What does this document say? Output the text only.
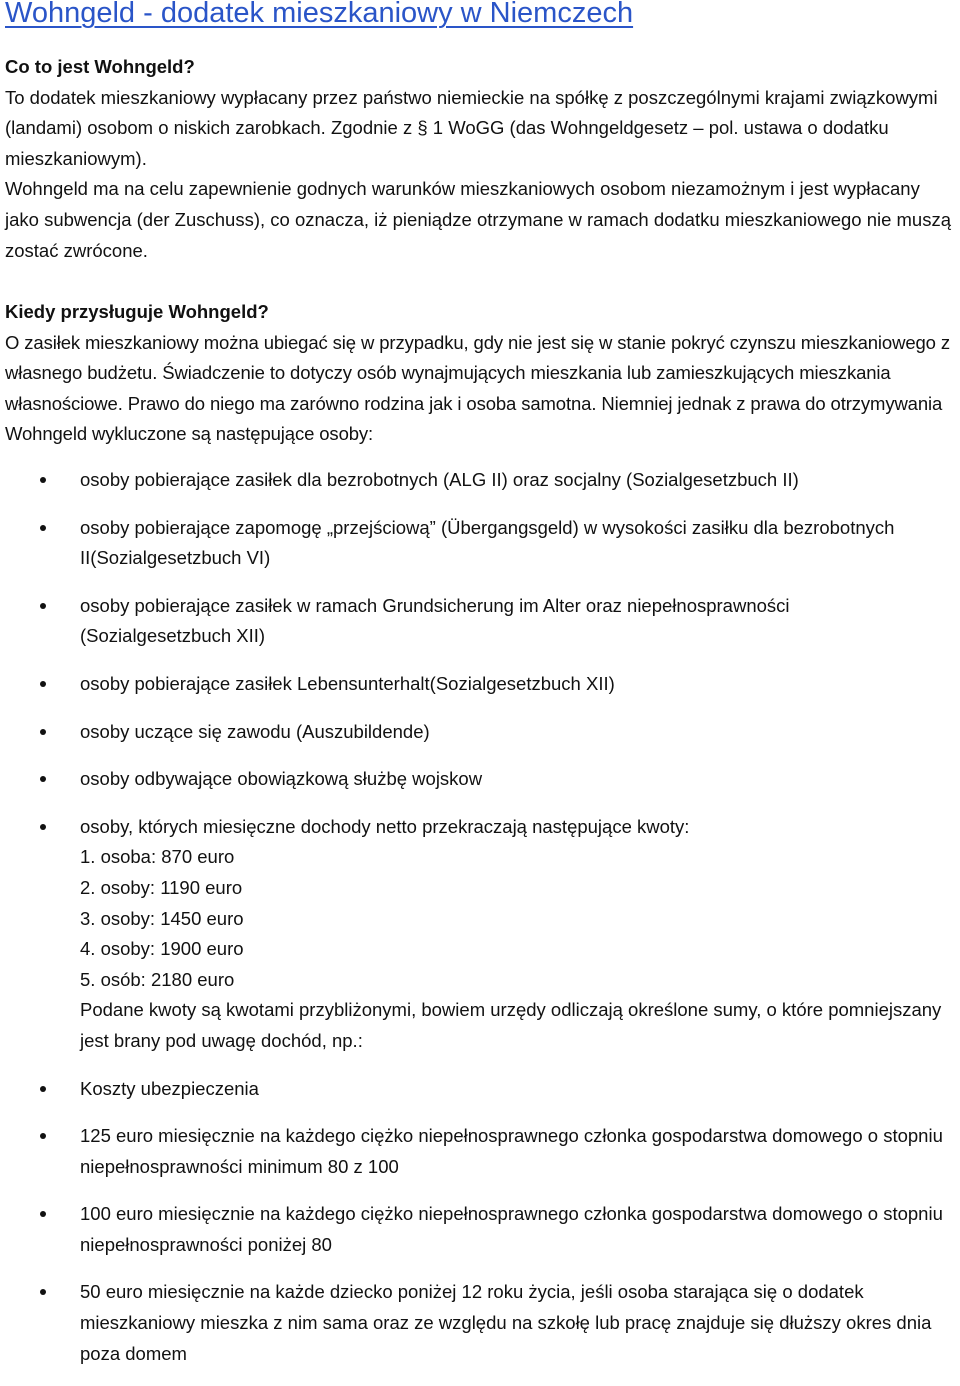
Wohngeld - dodatek mieszkaniowy w Niemczech

Co to jest Wohngeld?

To dodatek mieszkaniowy wypłacany przez państwo niemieckie na spółkę z poszczególnymi krajami związkowymi (landami) osobom o niskich zarobkach. Zgodnie z § 1 WoGG (das Wohngeldgesetz – pol. ustawa o dodatku mieszkaniowym).

Wohngeld ma na celu zapewnienie godnych warunków mieszkaniowych osobom niezamożnym i jest wypłacany jako subwencja (der Zuschuss), co oznacza, iż pieniądze otrzymane w ramach dodatku mieszkaniowego nie muszą zostać zwrócone.

Kiedy przysługuje Wohngeld?

O zasiłek mieszkaniowy można ubiegać się w przypadku, gdy nie jest się w stanie pokryć czynszu mieszkaniowego z własnego budżetu. Świadczenie to dotyczy osób wynajmujących mieszkania lub zamieszkujących mieszkania własnościowe. Prawo do niego ma zarówno rodzina jak i osoba samotna. Niemniej jednak z prawa do otrzymywania Wohngeld wykluczone są następujące osoby:

osoby pobierające zasiłek dla bezrobotnych (ALG II) oraz socjalny (Sozialgesetzbuch II)
osoby pobierające zapomogę „przejściową” (Übergangsgeld) w wysokości zasiłku dla bezrobotnych II(Sozialgesetzbuch VI)
osoby pobierające zasiłek w ramach Grundsicherung im Alter oraz niepełnosprawności (Sozialgesetzbuch XII)
osoby pobierające zasiłek Lebensunterhalt(Sozialgesetzbuch XII)
osoby uczące się zawodu (Auszubildende)
osoby odbywające obowiązkową służbę wojskow
osoby, których miesięczne dochody netto przekraczają następujące kwoty:
1. osoba: 870 euro
2. osoby: 1190 euro
3. osoby: 1450 euro
4. osoby: 1900 euro
5. osób: 2180 euro
Podane kwoty są kwotami przybliżonymi, bowiem urzędy odliczają określone sumy, o które pomniejszany jest brany pod uwagę dochód, np.:
Koszty ubezpieczenia
125 euro miesięcznie na każdego ciężko niepełnosprawnego członka gospodarstwa domowego o stopniu niepełnosprawności minimum 80 z 100
100 euro miesięcznie na każdego ciężko niepełnosprawnego członka gospodarstwa domowego o stopniu niepełnosprawności poniżej 80
50 euro miesięcznie na każde dziecko poniżej 12 roku życia, jeśli osoba starająca się o dodatek mieszkaniowy mieszka z nim sama oraz ze względu na szkołę lub pracę znajduje się dłuższy okres dnia poza domem
